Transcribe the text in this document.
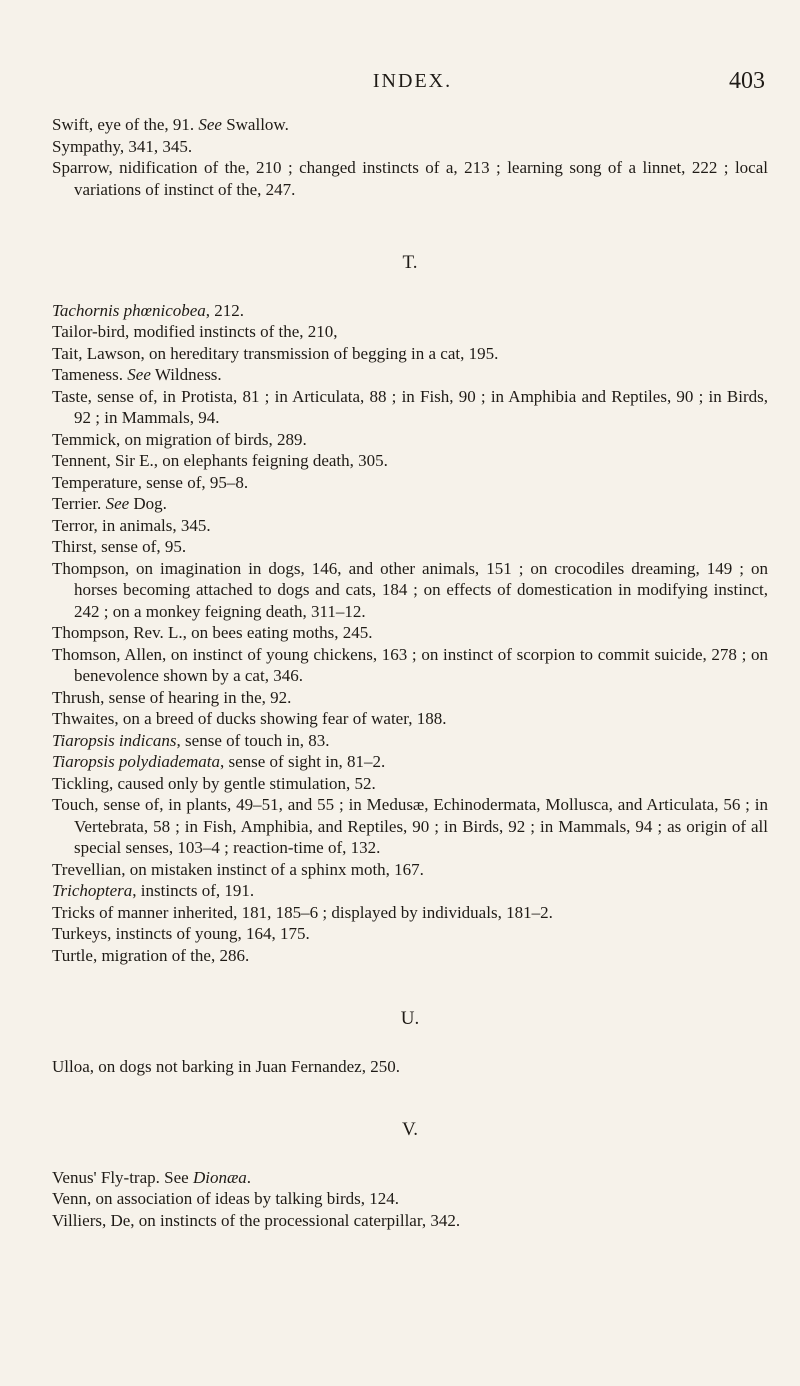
INDEX.	403

Swift, eye of the, 91. See Swallow.

Sympathy, 341, 345.

Sparrow, nidification of the, 210 ; changed instincts of a, 213 ; learning song of a linnet, 222 ; local variations of instinct of the, 247.

T.

Tachornis phœnicobea, 212.

Tailor-bird, modified instincts of the, 210,

Tait, Lawson, on hereditary transmission of begging in a cat, 195.

Tameness. See Wildness.

Taste, sense of, in Protista, 81 ; in Articulata, 88 ; in Fish, 90 ; in Amphibia and Reptiles, 90 ; in Birds, 92 ; in Mammals, 94.

Temmick, on migration of birds, 289.

Tennent, Sir E., on elephants feigning death, 305.

Temperature, sense of, 95–8.

Terrier. See Dog.

Terror, in animals, 345.

Thirst, sense of, 95.

Thompson, on imagination in dogs, 146, and other animals, 151 ; on crocodiles dreaming, 149 ; on horses becoming attached to dogs and cats, 184 ; on effects of domestication in modifying instinct, 242 ; on a monkey feigning death, 311–12.

Thompson, Rev. L., on bees eating moths, 245.

Thomson, Allen, on instinct of young chickens, 163 ; on instinct of scorpion to commit suicide, 278 ; on benevolence shown by a cat, 346.

Thrush, sense of hearing in the, 92.

Thwaites, on a breed of ducks showing fear of water, 188.

Tiaropsis indicans, sense of touch in, 83.

Tiaropsis polydiademata, sense of sight in, 81–2.

Tickling, caused only by gentle stimulation, 52.

Touch, sense of, in plants, 49–51, and 55 ; in Medusæ, Echinodermata, Mollusca, and Articulata, 56 ; in Vertebrata, 58 ; in Fish, Amphibia, and Reptiles, 90 ; in Birds, 92 ; in Mammals, 94 ; as origin of all special senses, 103–4 ; reaction-time of, 132.

Trevellian, on mistaken instinct of a sphinx moth, 167.

Trichoptera, instincts of, 191.

Tricks of manner inherited, 181, 185–6 ; displayed by individuals, 181–2.

Turkeys, instincts of young, 164, 175.

Turtle, migration of the, 286.

U.

Ulloa, on dogs not barking in Juan Fernandez, 250.

V.

Venus' Fly-trap. See Dionæa.

Venn, on association of ideas by talking birds, 124.

Villiers, De, on instincts of the processional caterpillar, 342.
